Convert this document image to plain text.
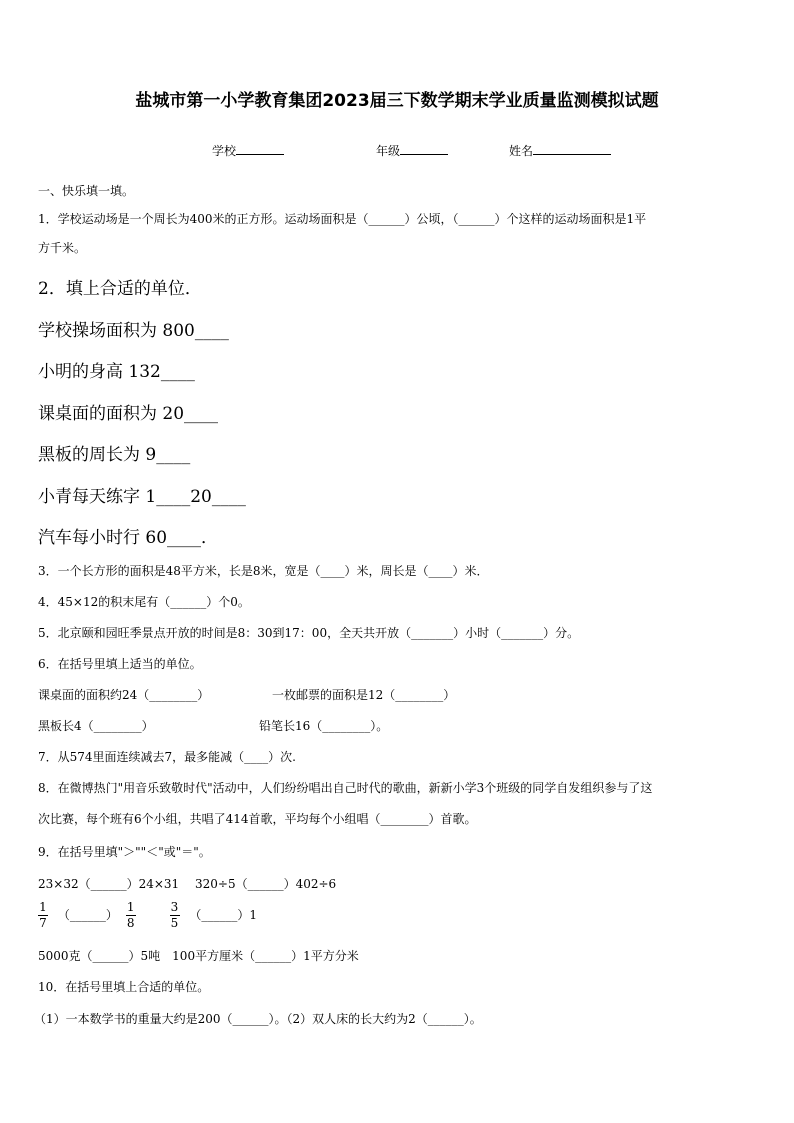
盐城市第一小学教育集团2023届三下数学期末学业质量监测模拟试题
学校	年级	姓名
一、快乐填一填。
1．学校运动场是一个周长为400米的正方形。运动场面积是（______）公顷，（______）个这样的运动场面积是1平
方千米。
2．填上合适的单位．
学校操场面积为 800____
小明的身高 132____
课桌面的面积为 20____
黑板的周长为 9____
小青每天练字 1____20____
汽车每小时行 60____．
3．一个长方形的面积是48平方米，长是8米，宽是（____）米，周长是（____）米．
4．45×12的积末尾有（______）个0。
5．北京颐和园旺季景点开放的时间是8：30到17：00，全天共开放（_______）小时（_______）分。
6．在括号里填上适当的单位。
课桌面的面积约24（________）	一枚邮票的面积是12（________）
黑板长4（________）	铅笔长16（________）。
7．从574里面连续减去7，最多能减（____）次.
8．在微博热门"用音乐致敬时代"活动中，人们纷纷唱出自己时代的歌曲，新新小学3个班级的同学自发组织参与了这
次比赛，每个班有6个小组，共唱了414首歌，平均每个小组唱（________）首歌。
9．在括号里填"＞""＜"或"＝"。
23×32（______）24×31　 320÷5（______）402÷6
$\frac{1}{7}$ （______） $\frac{1}{8}$
	$\frac{3}{5}$ （______）1
5000克（______）5吨　100平方厘米（______）1平方分米
10．在括号里填上合适的单位。
（1）一本数学书的重量大约是200（______）。（2）双人床的长大约为2（______）。
